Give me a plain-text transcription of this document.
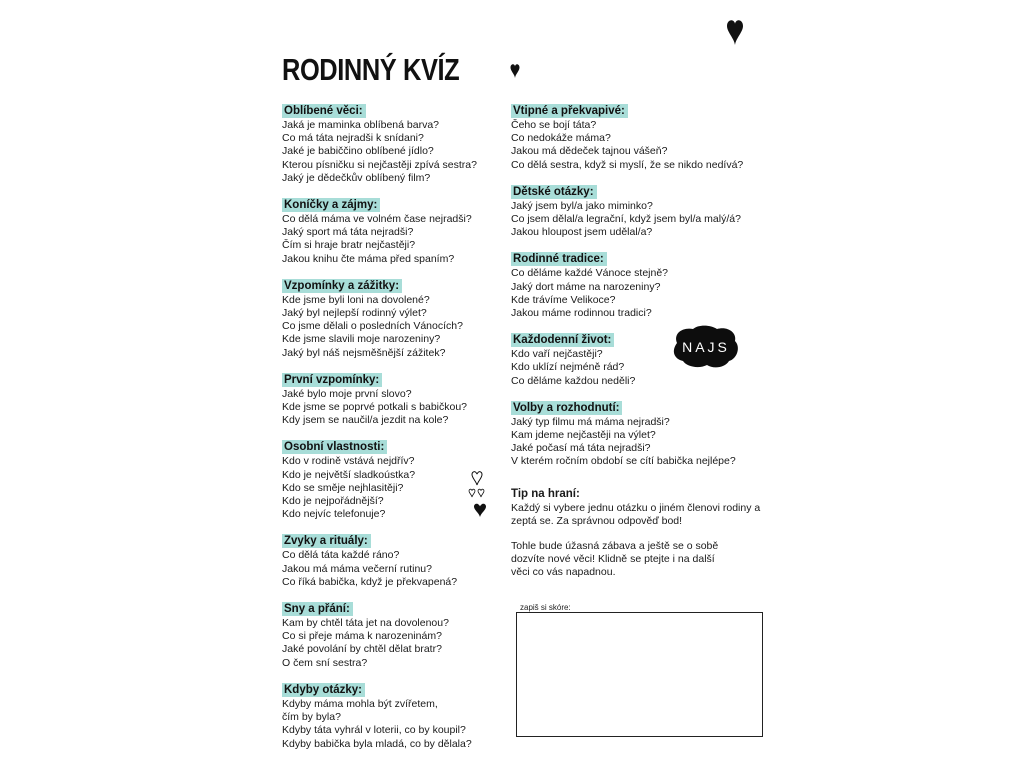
RODINNÝ KVÍZ
NAJS
Oblíbené věci:
Jaká je maminka oblíbená barva?
Co má táta nejradši k snídani?
Jaké je babiččino oblíbené jídlo?
Kterou písničku si nejčastěji zpívá sestra?
Jaký je dědečkův oblíbený film?
Koníčky a zájmy:
Co dělá máma ve volném čase nejradši?
Jaký sport má táta nejradši?
Čím si hraje bratr nejčastěji?
Jakou knihu čte máma před spaním?
Vzpomínky a zážitky:
Kde jsme byli loni na dovolené?
Jaký byl nejlepší rodinný výlet?
Co jsme dělali o posledních Vánocích?
Kde jsme slavili moje narozeniny?
Jaký byl náš nejsměšnější zážitek?
První vzpomínky:
Jaké bylo moje první slovo?
Kde jsme se poprvé potkali s babičkou?
Kdy jsem se naučil/a jezdit na kole?
Osobní vlastnosti:
Kdo v rodině vstává nejdřív?
Kdo je největší sladkoústka?
Kdo se směje nejhlasitěji?
Kdo je nejpořádnější?
Kdo nejvíc telefonuje?
Zvyky a rituály:
Co dělá táta každé ráno?
Jakou má máma večerní rutinu?
Co říká babička, když je překvapená?
Sny a přání:
Kam by chtěl táta jet na dovolenou?
Co si přeje máma k narozeninám?
Jaké povolání by chtěl dělat bratr?
O čem sní sestra?
Kdyby otázky:
Kdyby máma mohla být zvířetem,
čím by byla?
Kdyby táta vyhrál v loterii, co by koupil?
Kdyby babička byla mladá, co by dělala?
Vtipné a překvapivé:
Čeho se bojí táta?
Co nedokáže máma?
Jakou má dědeček tajnou vášeň?
Co dělá sestra, když si myslí, že se nikdo nedívá?
Dětské otázky:
Jaký jsem byl/a jako miminko?
Co jsem dělal/a legrační, když jsem byl/a malý/á?
Jakou hloupost jsem udělal/a?
Rodinné tradice:
Co děláme každé Vánoce stejně?
Jaký dort máme na narozeniny?
Kde trávíme Velikoce?
Jakou máme rodinnou tradici?
Každodenní život:
Kdo vaří nejčastěji?
Kdo uklízí nejméně rád?
Co děláme každou neděli?
Volby a rozhodnutí:
Jaký typ filmu má máma nejradši?
Kam jdeme nejčastěji na výlet?
Jaké počasí má táta nejradši?
V kterém ročním období se cítí babička nejlépe?
Tip na hraní:
Každý si vybere jednu otázku o jiném členovi rodiny a zeptá se. Za správnou odpověď bod!
Tohle bude úžasná zábava a ještě se o sobě dozvíte nové věci! Klidně se ptejte i na další věci co vás napadnou.
zapiš si skóre:
